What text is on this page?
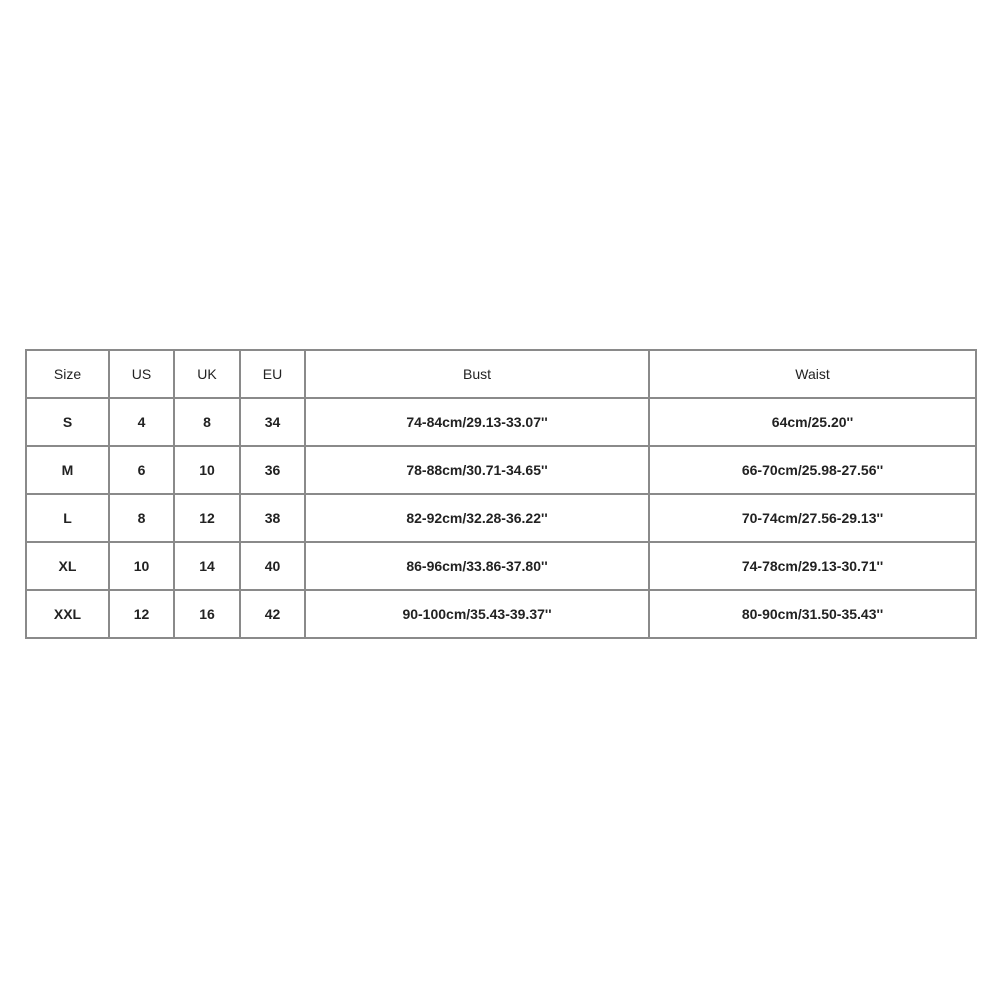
Size	US	UK	EU	Bust	Waist
S	4	8	34	74-84cm/29.13-33.07''	64cm/25.20''
M	6	10	36	78-88cm/30.71-34.65''	66-70cm/25.98-27.56''
L	8	12	38	82-92cm/32.28-36.22''	70-74cm/27.56-29.13''
XL	10	14	40	86-96cm/33.86-37.80''	74-78cm/29.13-30.71''
XXL	12	16	42	90-100cm/35.43-39.37''	80-90cm/31.50-35.43''
